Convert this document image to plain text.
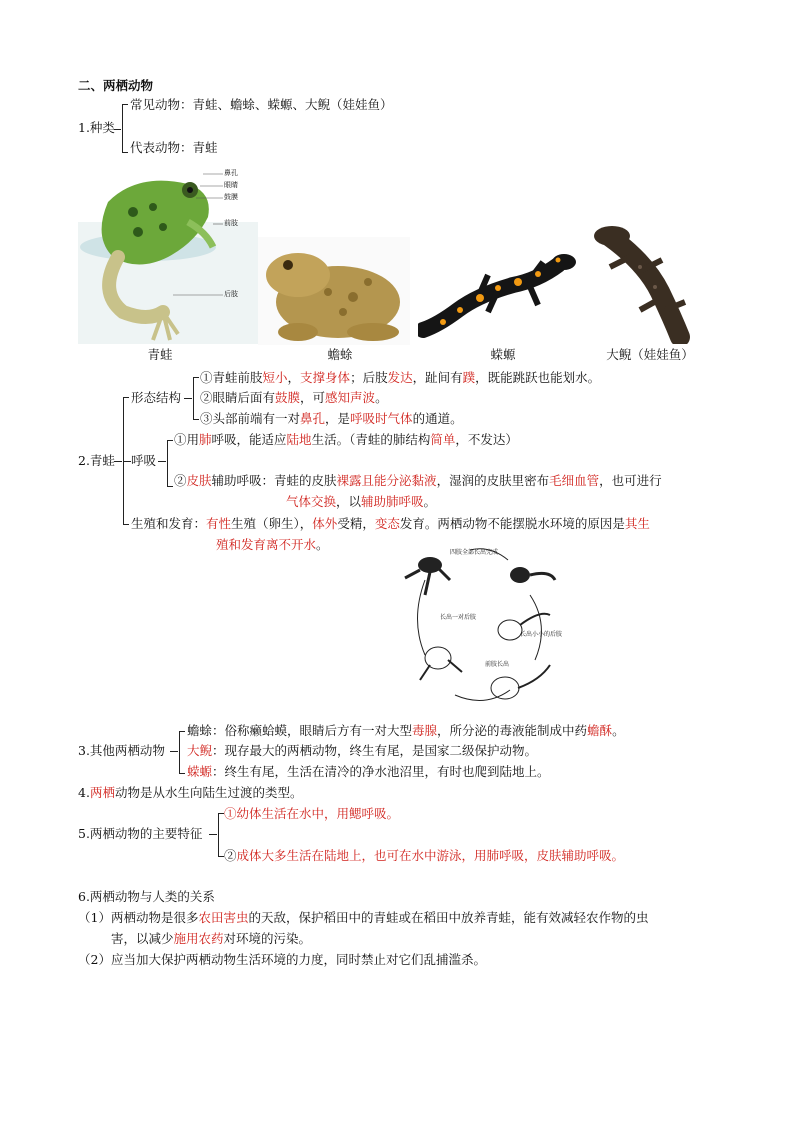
二、两栖动物
1.种类
常见动物：青蛙、蟾蜍、蝾螈、大鲵（娃娃鱼）
代表动物：青蛙
鼻孔
眼睛
鼓膜
前肢
后肢
青蛙	蟾蜍	蝾螈	大鲵（娃娃鱼）
2.青蛙
形态结构
①青蛙前肢短小，支撑身体；后肢发达，趾间有蹼，既能跳跃也能划水。
②眼睛后面有鼓膜，可感知声波。
③头部前端有一对鼻孔，是呼吸时气体的通道。
呼吸
①用肺呼吸，能适应陆地生活。（青蛙的肺结构简单，不发达）
②皮肤辅助呼吸：青蛙的皮肤裸露且能分泌黏液，湿润的皮肤里密布毛细血管，也可进行
气体交换，以辅助肺呼吸。
生殖和发育：有性生殖（卵生），体外受精，变态发育。两栖动物不能摆脱水环境的原因是其生
殖和发育离不开水。
四肢全部长出完成
长出一对后肢
长出小小的后肢
前肢长出
3.其他两栖动物
蟾蜍：俗称癞蛤蟆，眼睛后方有一对大型毒腺，所分泌的毒液能制成中药蟾酥。
大鲵：现存最大的两栖动物，终生有尾，是国家二级保护动物。
蝾螈：终生有尾，生活在清冷的净水池沼里，有时也爬到陆地上。
4.两栖动物是从水生向陆生过渡的类型。
5.两栖动物的主要特征
①幼体生活在水中，用鳃呼吸。
②成体大多生活在陆地上，也可在水中游泳，用肺呼吸，皮肤辅助呼吸。
6.两栖动物与人类的关系
（1）两栖动物是很多农田害虫的天敌，保护稻田中的青蛙或在稻田中放养青蛙，能有效减轻农作物的虫
害，以减少施用农药对环境的污染。
（2）应当加大保护两栖动物生活环境的力度，同时禁止对它们乱捕滥杀。
